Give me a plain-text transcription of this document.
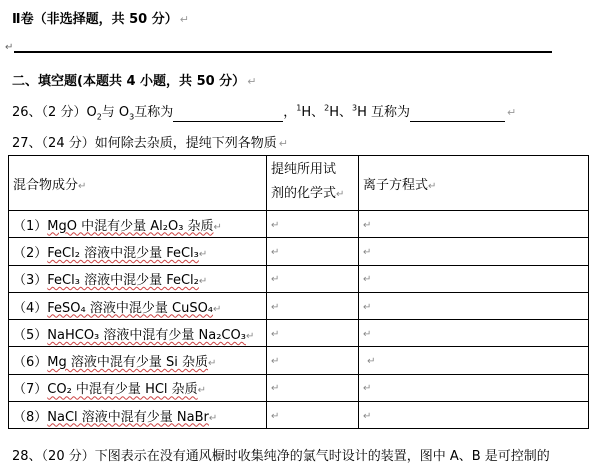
Ⅱ卷（非选择题，共 50 分） ↵
↵
二、填空题(本题共 4 小题，共 50 分） ↵
26、（2 分）$O_2$与 $O_3$互称为	，$^1$H、$^2$H、$^3$H 互称为	↵
27、（24 分）如何除去杂质，提纯下列各物质 ↵
混合物成分↵	提纯所用试
剂的化学式↵	离子方程式↵
（1）MgO 中混有少量 Al₂O₃ 杂质↵	↵	↵
（2）FeCl₂ 溶液中混少量 FeCl₃↵	↵	↵
（3）FeCl₃ 溶液中混少量 FeCl₂↵	↵	↵
（4）FeSO₄ 溶液中混少量 CuSO₄↵	↵	↵
（5）NaHCO₃ 溶液中混有少量 Na₂CO₃↵	↵	↵
（6）Mg 溶液中混有少量 Si 杂质↵	↵	↵
（7）CO₂ 中混有少量 HCl 杂质↵	↵	↵
（8）NaCl 溶液中混有少量 NaBr↵	↵	↵
28、（20 分）下图表示在没有通风橱时收集纯净的氯气时设计的装置，图中 A、B 是可控制的
